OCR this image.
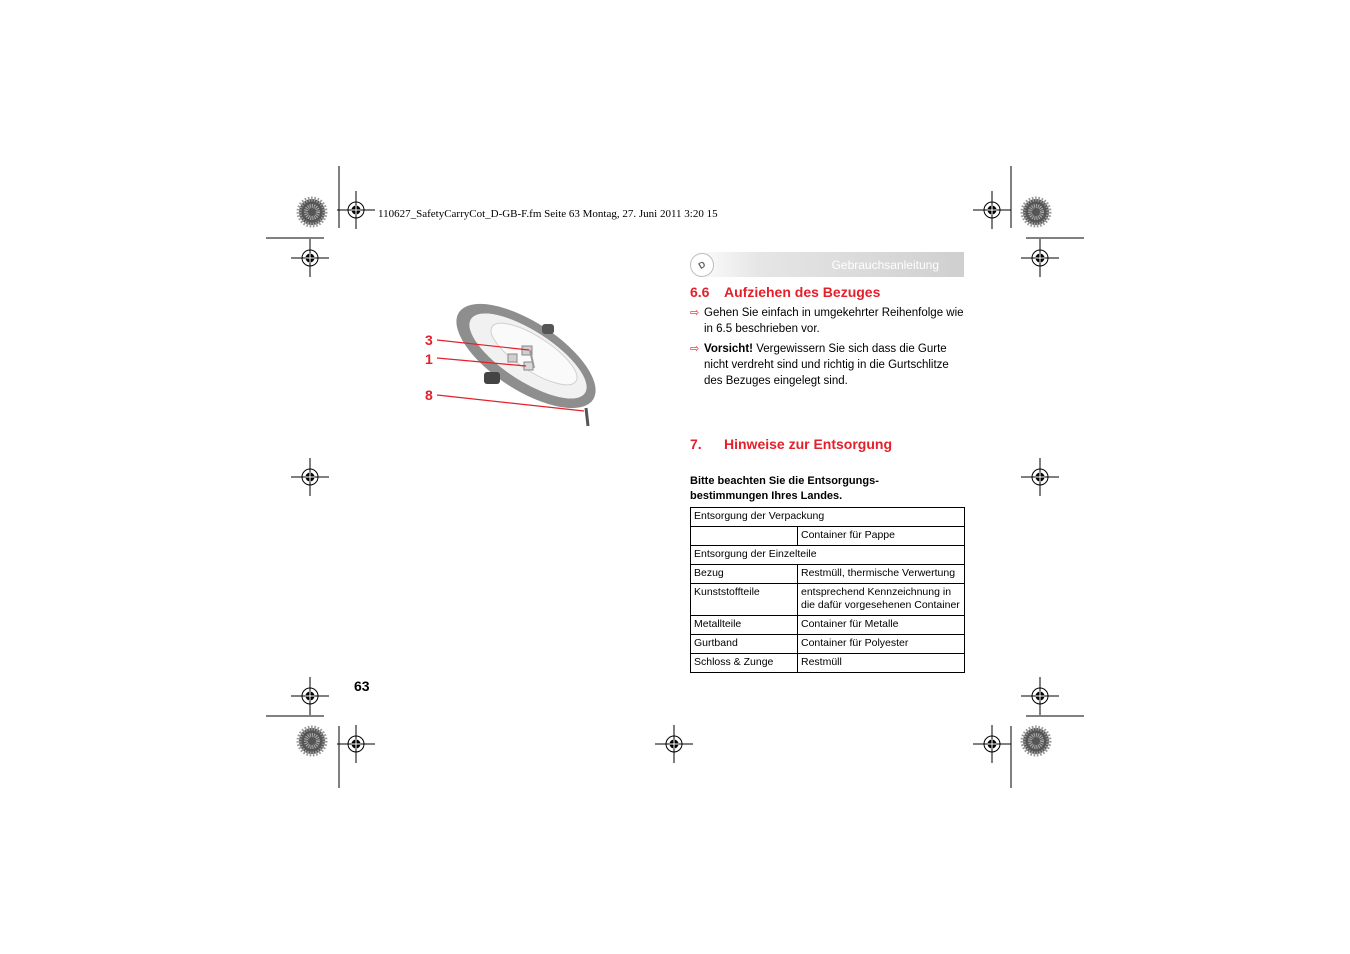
110627_SafetyCarryCot_D-GB-F.fm Seite 63 Montag, 27. Juni 2011 3:20 15
3
1
8
63
D	Gebrauchsanleitung
6.6 Aufziehen des Bezuges
⇨ Gehen Sie einfach in umgekehrter Reihenfolge wie in 6.5 beschrieben vor.
⇨ Vorsicht! Vergewissern Sie sich dass die Gurte nicht verdreht sind und richtig in die Gurtschlitze des Bezuges eingelegt sind.
7. Hinweise zur Entsorgung
Bitte beachten Sie die Entsorgungs-bestimmungen Ihres Landes.
Entsorgung der Verpackung	
	Container für Pappe
Entsorgung der Einzelteile	
Bezug	Restmüll, thermische Verwertung
Kunststoffteile	entsprechend Kennzeichnung in die dafür vorgesehenen Container
Metallteile	Container für Metalle
Gurtband	Container für Polyester
Schloss & Zunge	Restmüll
